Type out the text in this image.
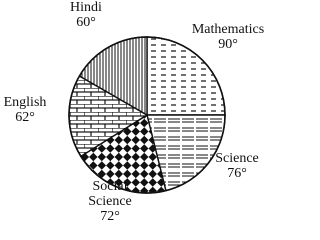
Mathematics 90°
Science 76°
Social Science 72°
English 62°
Hindi 60°
